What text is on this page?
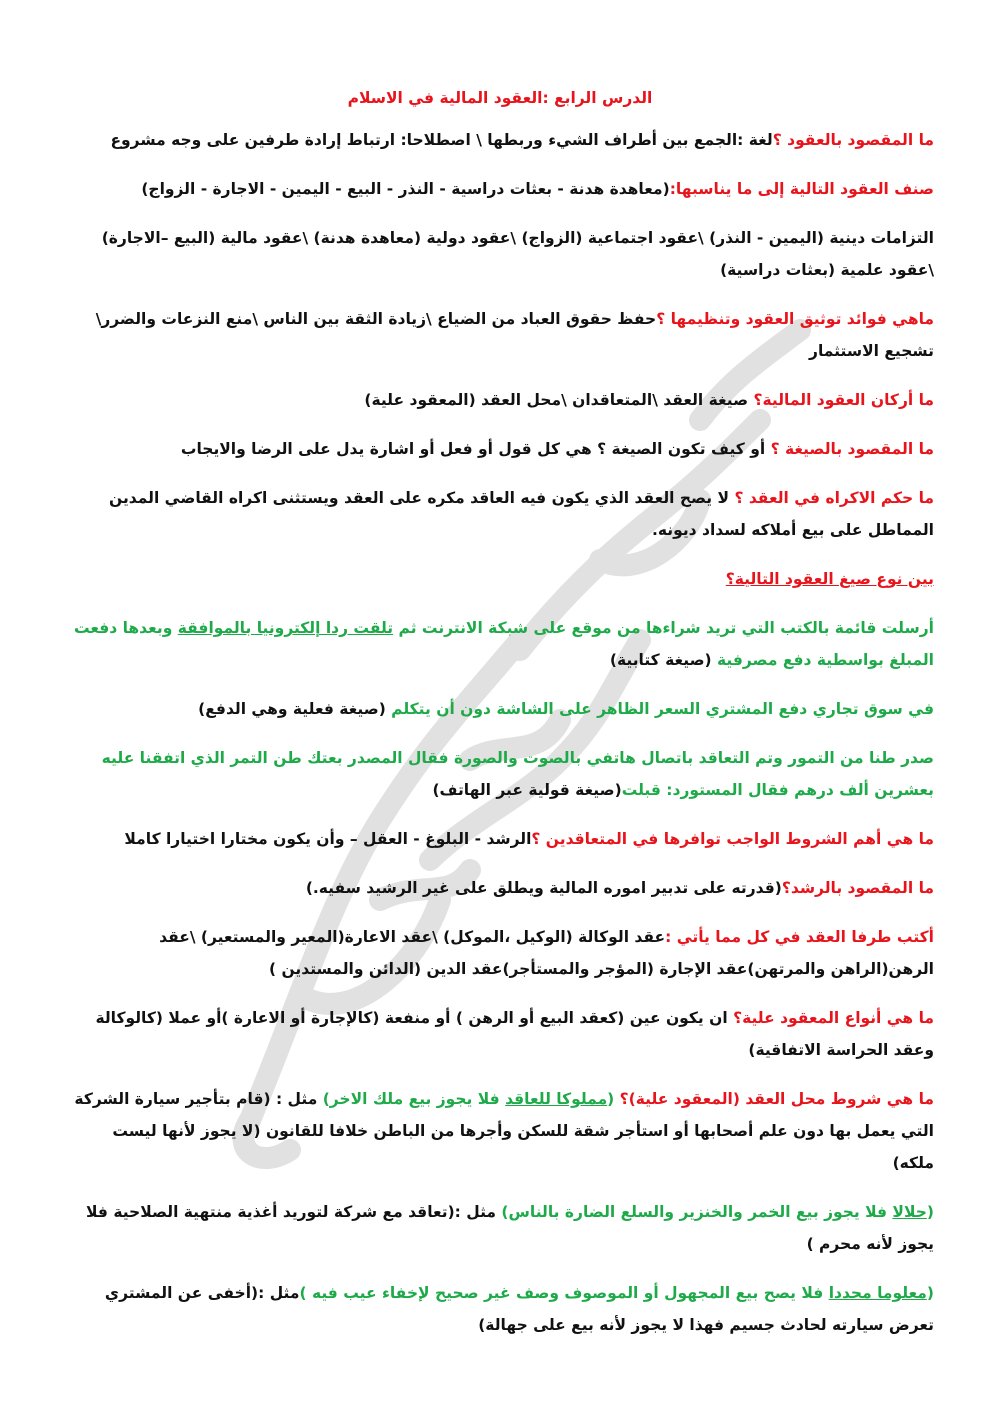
الدرس الرابع :العقود المالية في الاسلام

ما المقصود بالعقود ؟لغة :الجمع بين أطراف الشيء وربطها \ اصطلاحا: ارتباط إرادة طرفين على وجه مشروع

صنف العقود التالية إلى ما يناسبها:(معاهدة هدنة - بعثات دراسية - النذر - البيع - اليمين - الاجارة - الزواج)

التزامات دينية (اليمين - النذر) \عقود اجتماعية (الزواج) \عقود دولية (معاهدة هدنة) \عقود مالية (البيع –الاجارة) \عقود علمية (بعثات دراسية)

ماهي فوائد توثيق العقود وتنظيمها ؟حفظ حقوق العباد من الضياع \زيادة الثقة بين الناس \منع النزعات والضرر\ تشجيع الاستثمار

ما أركان العقود المالية؟ صيغة العقد \المتعاقدان \محل العقد (المعقود علية)

ما المقصود بالصيغة ؟ أو كيف تكون الصيغة ؟ هي كل قول أو فعل أو اشارة يدل على الرضا والايجاب

ما حكم الاكراه في العقد ؟ لا يصح العقد الذي يكون فيه العاقد مكره على العقد ويستثنى اكراه القاضي المدين المماطل على بيع أملاكه لسداد ديونه.

بين نوع صيغ العقود التالية؟

أرسلت قائمة بالكتب التي تريد شراءها من موقع على شبكة الانترنت ثم تلقت ردا إلكترونيا بالموافقة وبعدها دفعت المبلغ بواسطية دفع مصرفية (صيغة كتابية)

في سوق تجاري دفع المشتري السعر الظاهر على الشاشة دون أن يتكلم (صيغة فعلية وهي الدفع)

صدر طنا من التمور وتم التعاقد باتصال هاتفي بالصوت والصورة فقال المصدر بعتك طن التمر الذي اتفقنا عليه بعشرين ألف درهم فقال المستورد: قبلت(صيغة قولية عبر الهاتف)

ما هي أهم الشروط الواجب توافرها في المتعاقدين ؟الرشد - البلوغ - العقل – وأن يكون مختارا اختيارا كاملا

ما المقصود بالرشد؟(قدرته على تدبير اموره المالية ويطلق على غير الرشيد سفيه.)

أكتب طرفا العقد في كل مما يأتي :عقد الوكالة (الوكيل ،الموكل) \عقد الاعارة(المعير والمستعير) \عقد الرهن(الراهن والمرتهن)عقد الإجارة (المؤجر والمستأجر)عقد الدين (الدائن والمستدين )

ما هي أنواع المعقود علية؟ ان يكون عين (كعقد البيع أو الرهن ) أو منفعة (كالإجارة أو الاعارة )أو عملا (كالوكالة وعقد الحراسة الاتفاقية)

ما هي شروط محل العقد (المعقود علية)؟ (مملوكا للعاقد فلا يجوز بيع ملك الاخر) مثل : (قام بتأجير سيارة الشركة التي يعمل بها دون علم أصحابها أو استأجر شقة للسكن وأجرها من الباطن خلافا للقانون (لا يجوز لأنها ليست ملكه)

(حلالا فلا يجوز بيع الخمر والخنزير والسلع الضارة بالناس) مثل :(تعاقد مع شركة لتوريد أغذية منتهية الصلاحية فلا يجوز لأنه محرم )

(معلوما محددا فلا يصح بيع المجهول أو الموصوف وصف غير صحيح لإخفاء عيب فيه )مثل :(أخفى عن المشتري تعرض سيارته لحادث جسيم فهذا لا يجوز لأنه بيع على جهالة)
